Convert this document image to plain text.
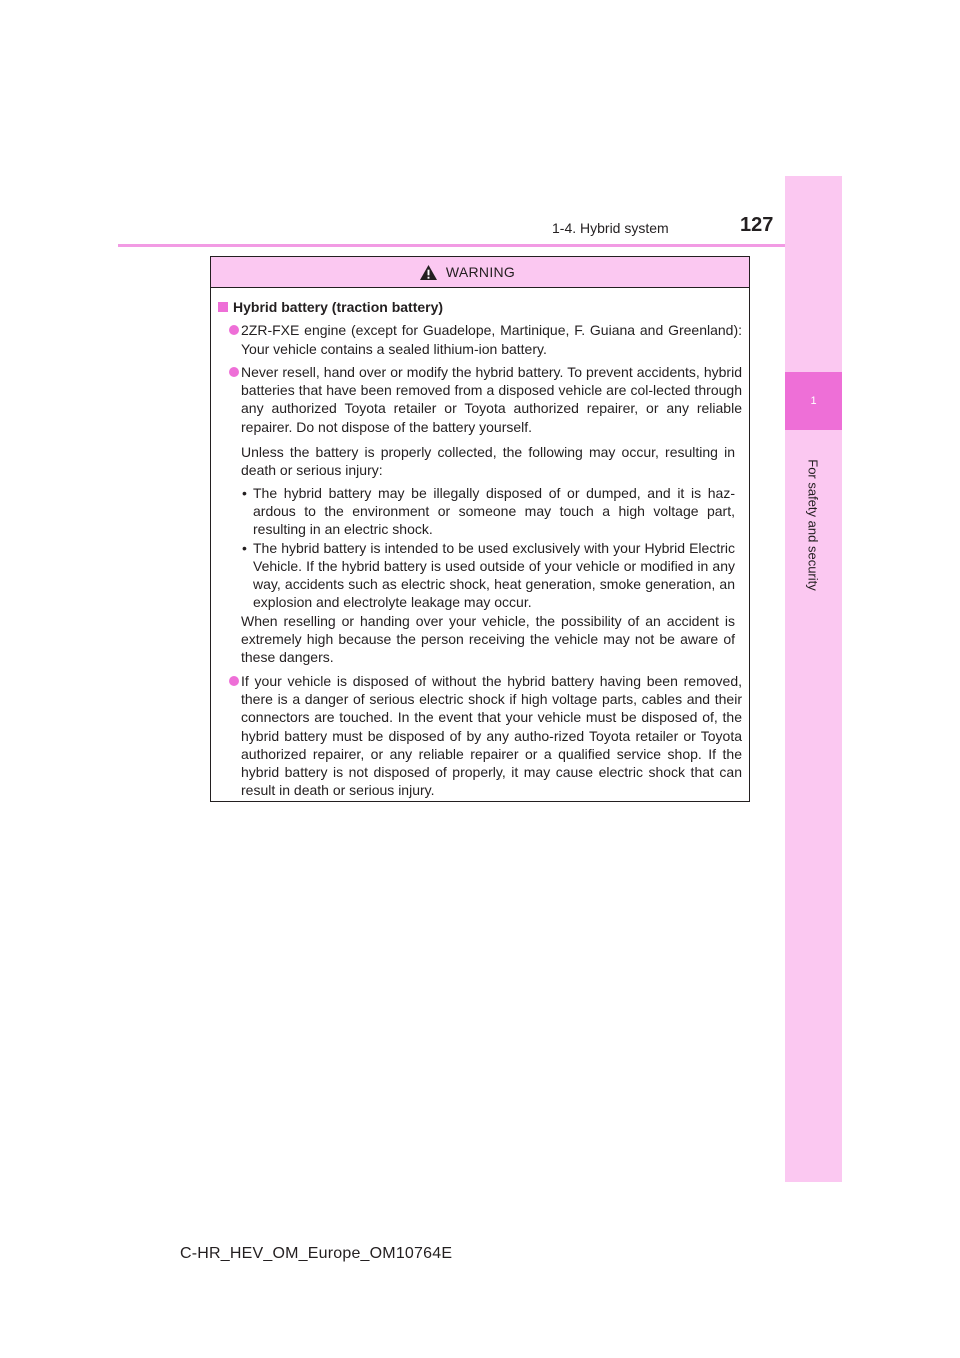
1
For safety and security
1-4. Hybrid system	127
WARNING
Hybrid battery (traction battery)
2ZR-FXE engine (except for Guadelope, Martinique, F. Guiana and Greenland): Your vehicle contains a sealed lithium-ion battery.
Never resell, hand over or modify the hybrid battery. To prevent accidents, hybrid batteries that have been removed from a disposed vehicle are col-lected through any authorized Toyota retailer or Toyota authorized repairer, or any reliable repairer. Do not dispose of the battery yourself.
Unless the battery is properly collected, the following may occur, resulting in death or serious injury:
• The hybrid battery may be illegally disposed of or dumped, and it is haz-ardous to the environment or someone may touch a high voltage part, resulting in an electric shock.
• The hybrid battery is intended to be used exclusively with your Hybrid Electric Vehicle. If the hybrid battery is used outside of your vehicle or modified in any way, accidents such as electric shock, heat generation, smoke generation, an explosion and electrolyte leakage may occur.
When reselling or handing over your vehicle, the possibility of an accident is extremely high because the person receiving the vehicle may not be aware of these dangers.
If your vehicle is disposed of without the hybrid battery having been removed, there is a danger of serious electric shock if high voltage parts, cables and their connectors are touched. In the event that your vehicle must be disposed of, the hybrid battery must be disposed of by any autho-rized Toyota retailer or Toyota authorized repairer, or any reliable repairer or a qualified service shop. If the hybrid battery is not disposed of properly, it may cause electric shock that can result in death or serious injury.
C-HR_HEV_OM_Europe_OM10764E
